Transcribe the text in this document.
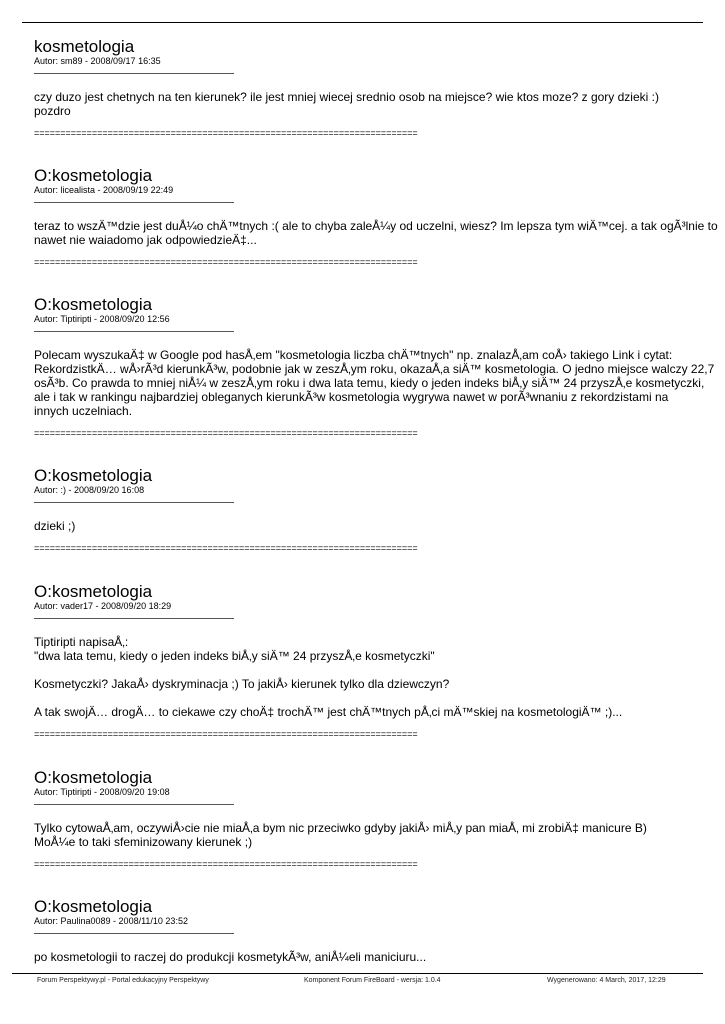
kosmetologia
Autor: sm89 - 2008/09/17 16:35
czy duzo jest chetnych na ten kierunek? ile jest mniej wiecej srednio osob na miejsce? wie ktos moze? z gory dzieki :)
pozdro
=========================================================================
O:kosmetologia
Autor: licealista - 2008/09/19 22:49
teraz to wszÄ™dzie jest duÅ¼o chÄ™tnych :( ale to chyba zaleÅ¼y od uczelni, wiesz? Im lepsza tym wiÄ™cej. a tak ogÃ³lnie to
nawet nie waiadomo jak odpowiedzieÄ‡...
=========================================================================
O:kosmetologia
Autor: Tiptiripti - 2008/09/20 12:56
Polecam wyszukaÄ‡ w Google pod hasÅ‚em "kosmetologia liczba chÄ™tnych" np. znalazÅ‚am coÅ› takiego Link i cytat:
RekordzistkÄ… wÅ›rÃ³d kierunkÃ³w, podobnie jak w zeszÅ‚ym roku, okazaÅ‚a siÄ™ kosmetologia. O jedno miejsce walczy 22,7
osÃ³b. Co prawda to mniej niÅ¼ w zeszÅ‚ym roku i dwa lata temu, kiedy o jeden indeks biÅ‚y siÄ™ 24 przyszÅ‚e kosmetyczki,
ale i tak w rankingu najbardziej obleganych kierunkÃ³w kosmetologia wygrywa nawet w porÃ³wnaniu z rekordzistami na
innych uczelniach.
=========================================================================
O:kosmetologia
Autor: :) - 2008/09/20 16:08
dzieki ;)
=========================================================================
O:kosmetologia
Autor: vader17 - 2008/09/20 18:29
Tiptiripti napisaÅ‚:
"dwa lata temu, kiedy o jeden indeks biÅ‚y siÄ™ 24 przyszÅ‚e kosmetyczki"

Kosmetyczki? JakaÅ› dyskryminacja ;) To jakiÅ› kierunek tylko dla dziewczyn?

A tak swojÄ… drogÄ… to ciekawe czy choÄ‡ trochÄ™ jest chÄ™tnych pÅ‚ci mÄ™skiej na kosmetologiÄ™ ;)...
=========================================================================
O:kosmetologia
Autor: Tiptiripti - 2008/09/20 19:08
Tylko cytowaÅ‚am, oczywiÅ›cie nie miaÅ‚a bym nic przeciwko gdyby jakiÅ› miÅ‚y pan miaÅ‚ mi zrobiÄ‡ manicure B)
MoÅ¼e to taki sfeminizowany kierunek ;)
=========================================================================
O:kosmetologia
Autor: Paulina0089 - 2008/11/10 23:52
po kosmetologii to raczej do produkcji kosmetykÃ³w, aniÅ¼eli maniciuru...
Forum Perspektywy.pl - Portal edukacyjny Perspektywy	Komponent Forum FireBoard - wersja: 1.0.4	Wygenerowano: 4 March, 2017, 12:29
